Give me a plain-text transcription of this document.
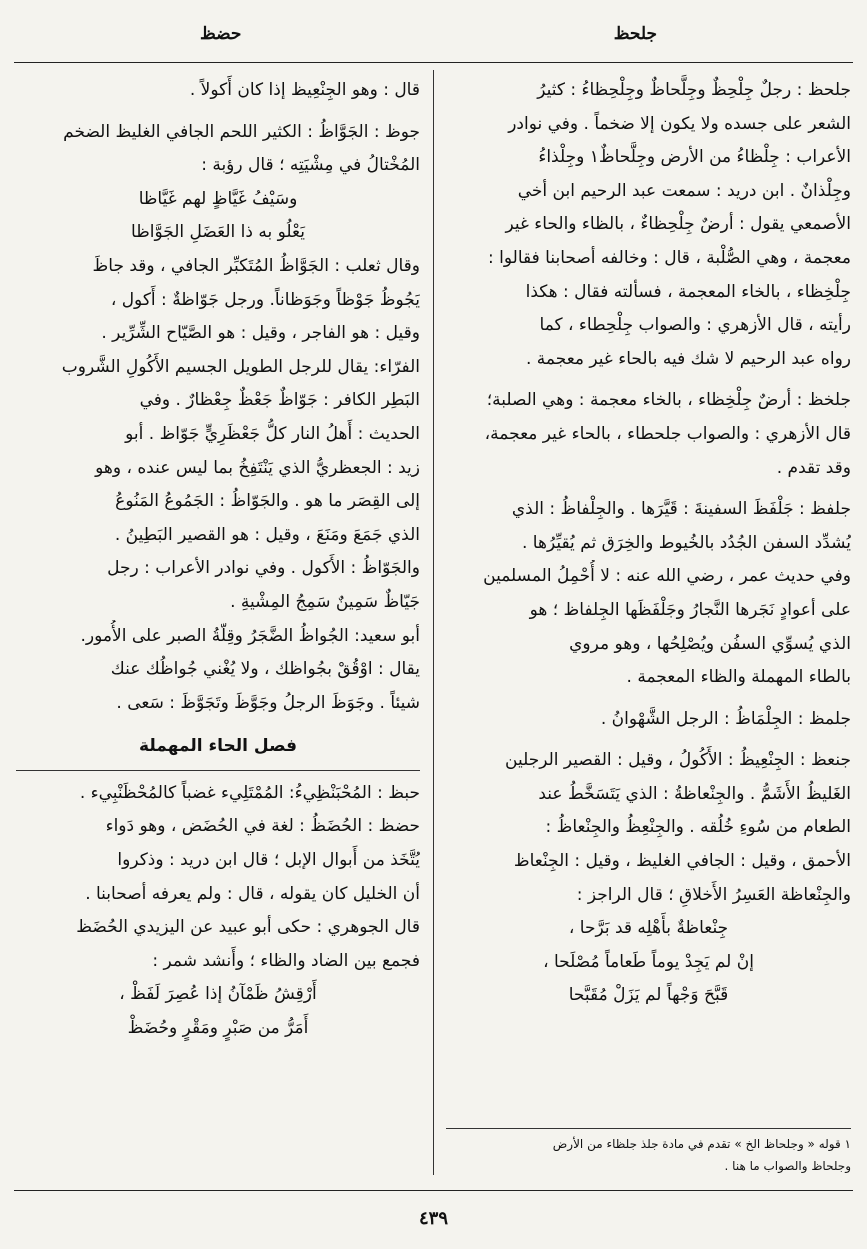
جلحظ
حضظ
جلحظ : رجلٌ جِلْحِظٌ وجِلَّحاظٌ وجِلْحِظاءُ : كثيرُ
الشعر على جسده ولا يكون إلا ضخماً . وفي نوادر
الأعراب : جِلْظاءُ من الأرض وجِلَّحاظٌ١ وجِلْذاءُ
وجِلْذانٌ . ابن دريد : سمعت عبد الرحيم ابن أخي
الأصمعي يقول : أرضٌ جِلْحِظاءٌ ، بالظاء والحاء غير
معجمة ، وهي الصُّلْبة ، قال : وخالفه أصحابنا فقالوا :
جِلْخِظاء ، بالخاء المعجمة ، فسألته فقال : هكذا
رأيته ، قال الأزهري : والصواب جِلْحِطاء ، كما
رواه عبد الرحيم لا شك فيه بالحاء غير معجمة .
جلخظ : أرضٌ جِلْخِظاء ، بالخاء معجمة : وهي الصلبة؛
قال الأزهري : والصواب جلحطاء ، بالحاء غير معجمة،
وقد تقدم .
جلفظ : جَلْفَظَ السفينةَ : قَيَّرَها . والجِلْفاظُ : الذي
يُشدِّد السفن الجُدُد بالخُيوط والخِرَق ثم يُقيِّرُها .
وفي حديث عمر ، رضي الله عنه : لا أُحْمِلُ المسلمين
على أعوادٍ نَجَرها النَّجارُ وجَلْفَظَها الجِلفاظ ؛ هو
الذي يُسوِّي السفُن ويُصْلِحُها ، وهو مروي
بالطاء المهملة والظاء المعجمة .
جلمظ : الجِلْمَاظُ : الرجل الشَّهْوانُ .
جنعظ : الجِنْعِيظُ : الأَكُولُ ، وقيل : القصير الرجلين
الغَليظُ الأَشَمُّ . والجِنْعاظةُ : الذي يَتَسَخَّطُ عند
الطعام من سُوءِ خُلُقه . والجِنْعِظُ والجِنْعاظُ :
الأحمق ، وقيل : الجافي الغليظ ، وقيل : الجِنْعاظ
والجِنْعاظة العَسِرُ الأَخلاقِ ؛ قال الراجز :
جِنْعاظةٌ بأَهْلِه قد بَرَّحا ،
إنْ لم يَجِدْ يوماً طَعاماً مُصْلَحا ،
قَبَّحَ وَجْهاً لم يَزَلْ مُقَبَّحا
قال : وهو الجِنْعِيظ إذا كان أَكولاً .
جوظ : الجَوَّاظُ : الكثير اللحم الجافي الغليظ الضخم
المُخْتالُ في مِشْيَتِه ؛ قال رؤبة :
وسَيْفُ غَيَّاظٍ لهم غَيَّاظا
يَعْلُو به ذا العَضَلِ الجَوَّاظا
وقال ثعلب : الجَوَّاظُ المُتَكبِّر الجافي ، وقد جاظَ
يَجُوظُ جَوْظاً وجَوَظاناً. ورجل جَوّاظةٌ : أَكول ،
وقيل : هو الفاجر ، وقيل : هو الصَّيّاح الشِّرِّير .
الفرّاء: يقال للرجل الطويل الجسيم الأَكُولِ الشَّروب
البَطِر الكافر : جَوّاظٌ جَعْظٌ جِعْظارٌ . وفي
الحديث : أَهلُ النار كلُّ جَعْظَرِيٍّ جَوّاظ . أبو
زيد : الجعظريُّ الذي يَنْتَفِخُ بما ليس عنده ، وهو
إلى القِصَر ما هو . والجَوّاظُ : الجَمُوعُ المَنُوعُ
الذي جَمَعَ ومَنَعَ ، وقيل : هو القصير البَطِينُ .
والجَوّاظُ : الأَكول . وفي نوادر الأعراب : رجل
جَيّاظٌ سَمِينٌ سَمِجُ المِشْيةِ .
أبو سعيد: الجُواظُ الضَّجَرُ وقِلّةُ الصبر على الأُمور.
يقال : اوْقُقْ بجُواظك ، ولا يُغْني جُواظُك عنك
شيئاً . وجَوَظَ الرجلُ وجَوَّظَ وتَجَوَّظَ : سَعى .
فصل الحاء المهملة
حبظ : المُحْبَنْظِيءُ: المُمْتَلِيء غضباً كالمُحْظَنْبِيء .
حضظ : الحُضَظُ : لغة في الحُضَض ، وهو دَواء
يُتَّخَذ من أَبوال الإبل ؛ قال ابن دريد : وذكروا
أن الخليل كان يقوله ، قال : ولم يعرفه أصحابنا .
قال الجوهري : حكى أبو عبيد عن اليزيدي الحُضَظ
فجمع بين الضاد والظاء ؛ وأَنشد شمر :
أَرْقِشُ ظَمْآنُ إذا عُصِرَ لَفَظْ ،
أَمَرُّ من صَبْرٍ ومَقْرٍ وحُضَظْ
١ قوله « وجلحاظ الخ » تقدم في مادة جلذ جلظاء من الأرض
وجلحاظ والصواب ما هنا .
٤٣٩
